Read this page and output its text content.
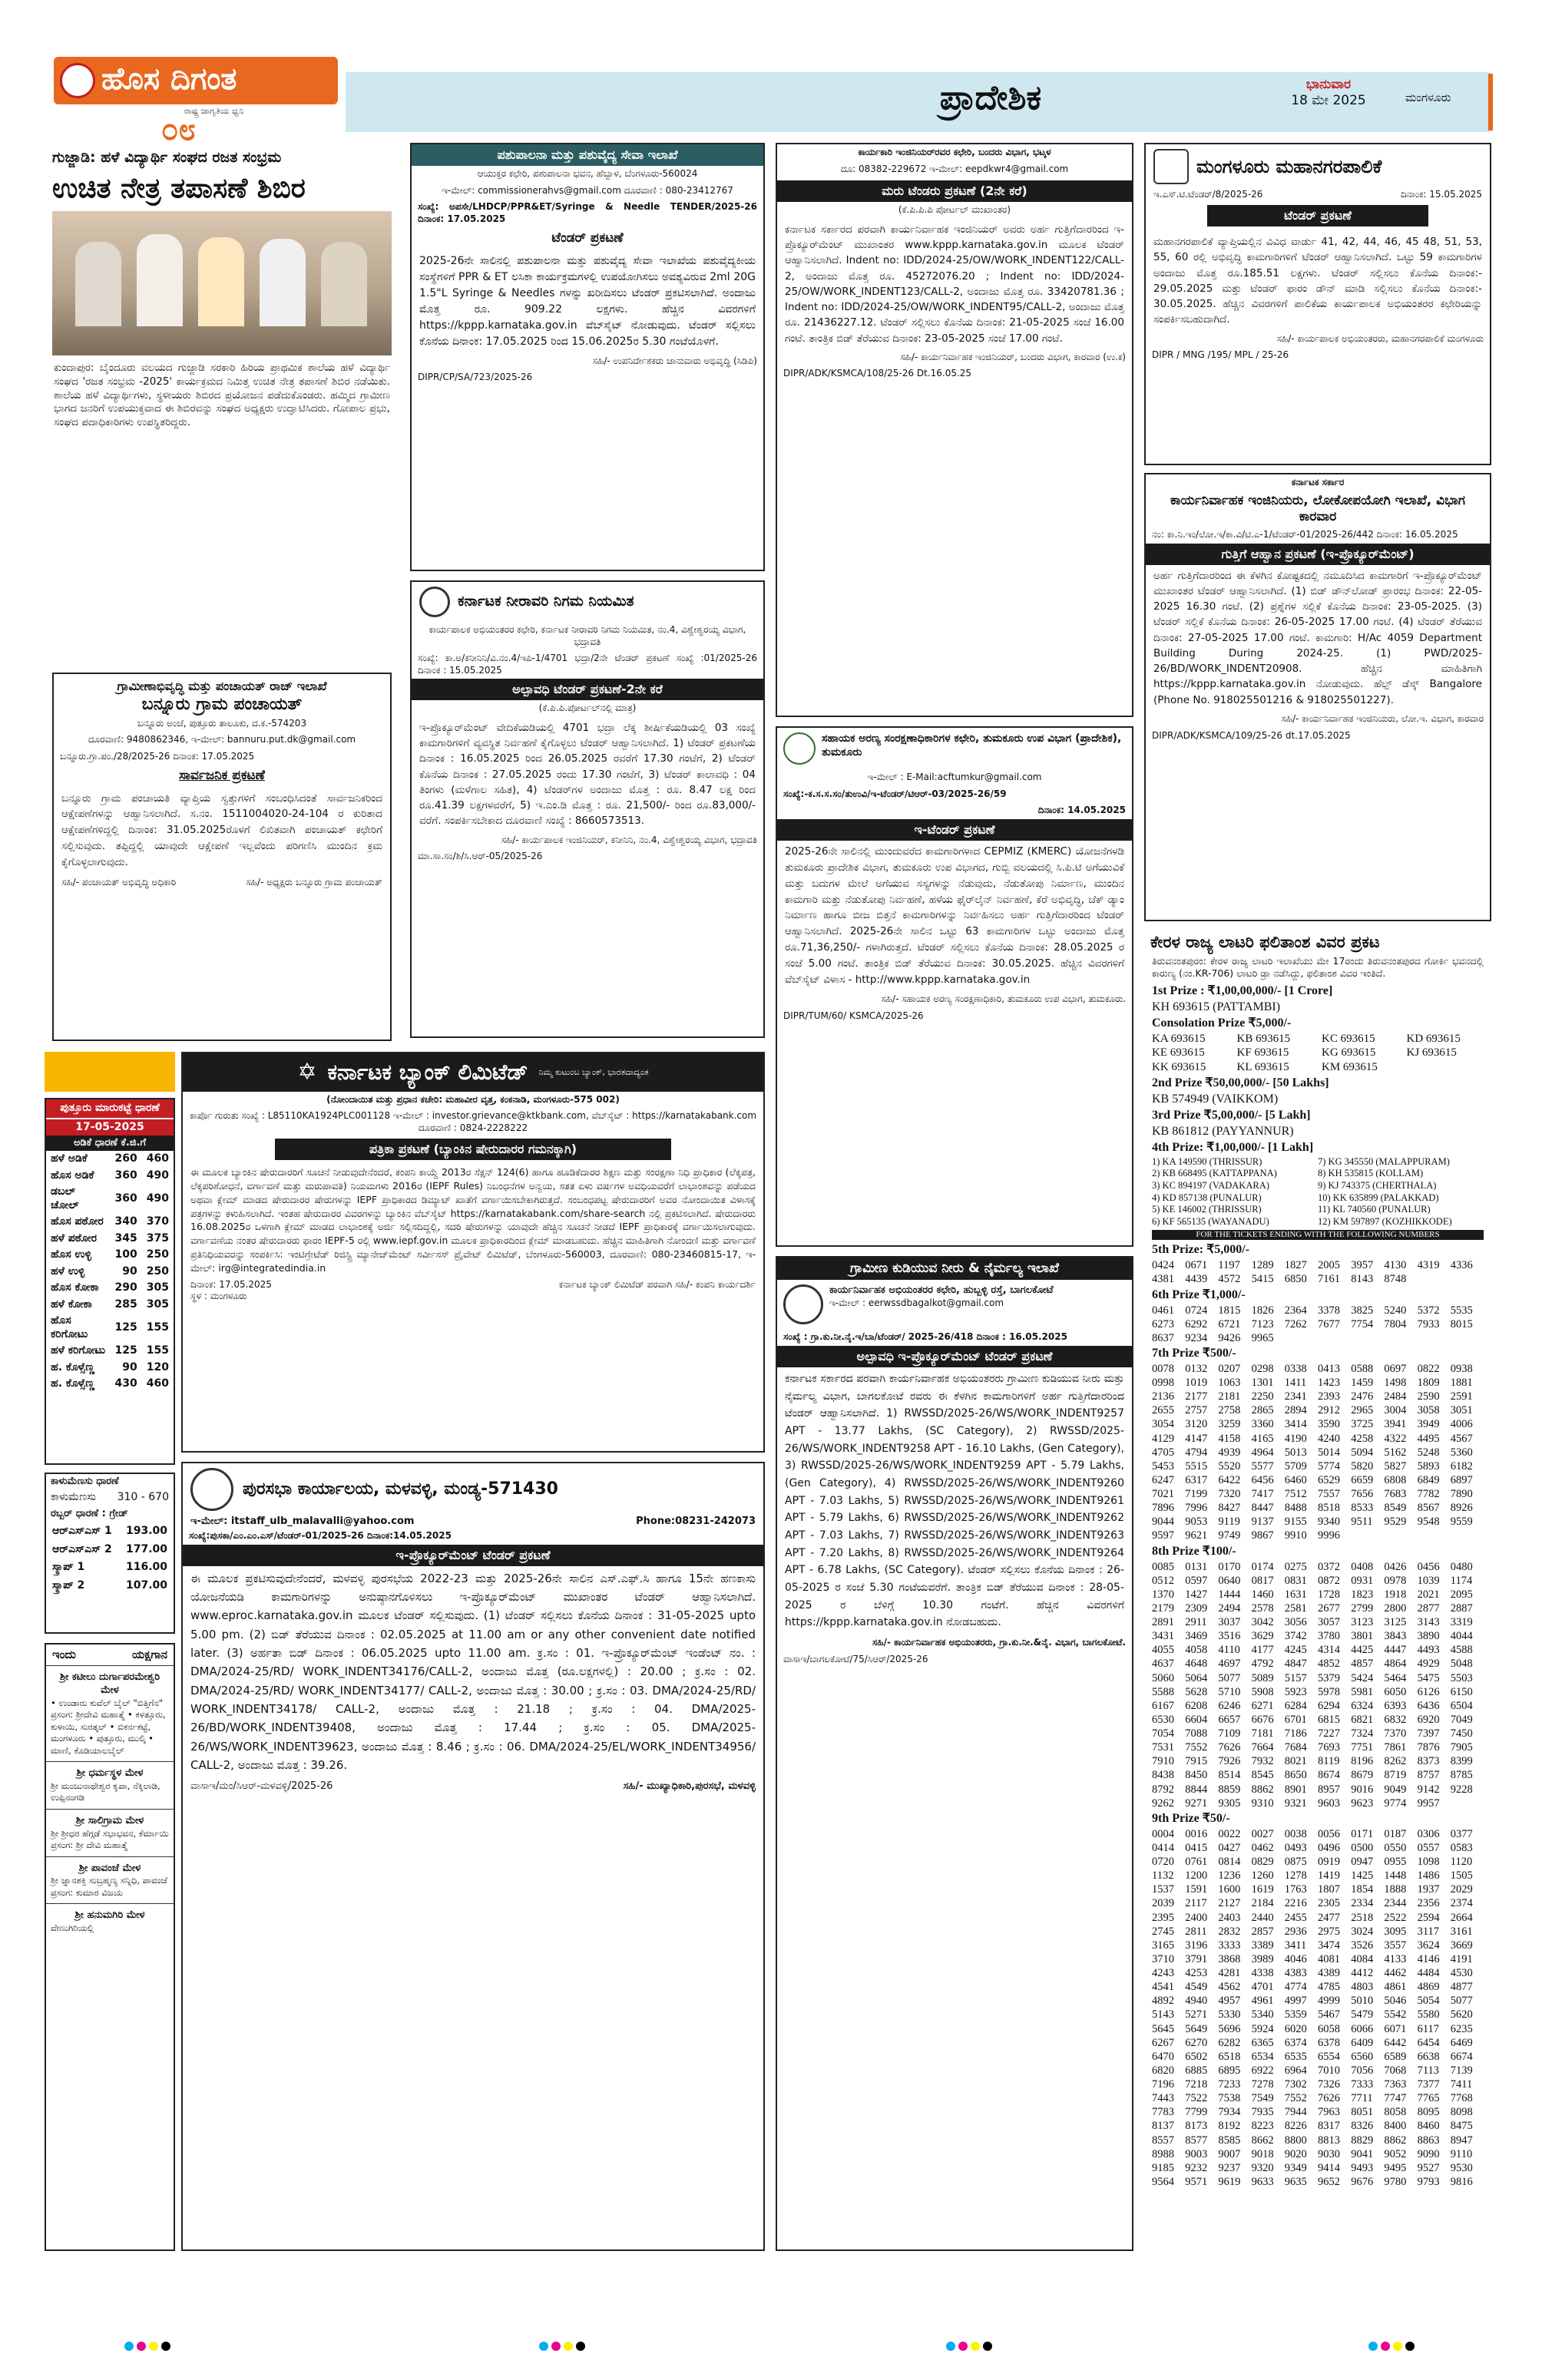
ಹೊಸ ದಿಗಂತ
ರಾಷ್ಟ್ರ ಜಾಗೃತಿಯ ಧ್ವನಿ
೦೮
ಪ್ರಾದೇಶಿಕ	ಭಾನುವಾರ
18 ಮೇ 2025	ಮಂಗಳೂರು
ಗುಜ್ಜಾಡಿ: ಹಳೆ ವಿದ್ಯಾರ್ಥಿ ಸಂಘದ ರಜತ ಸಂಭ್ರಮ
ಉಚಿತ ನೇತ್ರ ತಪಾಸಣೆ ಶಿಬಿರ
ಕುಂದಾಪುರ: ಬೈಂದೂರು ವಲಯದ ಗುಜ್ಜಾಡಿ ಸರಕಾರಿ ಹಿರಿಯ ಪ್ರಾಥಮಿಕ ಶಾಲೆಯ ಹಳೆ ವಿದ್ಯಾರ್ಥಿ ಸಂಘದ 'ರಜತ ಸಂಭ್ರಮ -2025' ಕಾರ್ಯಕ್ರಮದ ನಿಮಿತ್ತ ಉಚಿತ ನೇತ್ರ ತಪಾಸಣೆ ಶಿಬಿರ ನಡೆಯಿತು. ಶಾಲೆಯ ಹಳೆ ವಿದ್ಯಾರ್ಥಿಗಳು, ಸ್ಥಳೀಯರು ಶಿಬಿರದ ಪ್ರಯೋಜನ ಪಡೆದುಕೊಂಡರು. ಹಮ್ಮಿದ ಗ್ರಾಮೀಣ ಭಾಗದ ಜನರಿಗೆ ಉಪಯುಕ್ತವಾದ ಈ ಶಿಬಿರವನ್ನು ಸಂಘದ ಅಧ್ಯಕ್ಷರು ಉದ್ಘಾಟಿಸಿದರು. ಗೋಪಾಲ ಪ್ರಭು, ಸಂಘದ ಪದಾಧಿಕಾರಿಗಳು ಉಪಸ್ಥಿತರಿದ್ದರು.
ಪಶುಪಾಲನಾ ಮತ್ತು ಪಶುವೈದ್ಯ ಸೇವಾ ಇಲಾಖೆ
ಆಯುಕ್ತರ ಕಛೇರಿ, ಪಶುಪಾಲನಾ ಭವನ, ಹೆಬ್ಬಾಳ, ಬೆಂಗಳೂರು-560024
ಇ-ಮೇಲ್: commissionerahvs@gmail.com ದೂರವಾಣಿ : 080-23412767
ಸಂಖ್ಯೆ: ಅಪಸೇ/LHDCP/PPR&ET/Syringe & Needle TENDER/2025-26 ದಿನಾಂಕ: 17.05.2025
ಟೆಂಡರ್ ಪ್ರಕಟಣೆ
2025-26ನೇ ಸಾಲಿನಲ್ಲಿ ಪಶುಪಾಲನಾ ಮತ್ತು ಪಶುವೈದ್ಯ ಸೇವಾ ಇಲಾಖೆಯ ಪಶುವೈದ್ಯಕೀಯ ಸಂಸ್ಥೆಗಳಿಗೆ PPR & ET ಲಸಿಕಾ ಕಾರ್ಯಕ್ರಮಗಳಲ್ಲಿ ಉಪಯೋಗಿಸಲು ಅವಶ್ಯವಿರುವ 2ml 20G 1.5"L Syringe & Needles ಗಳನ್ನು ಖರೀದಿಸಲು ಟೆಂಡರ್ ಪ್ರಕಟಿಸಲಾಗಿದೆ. ಅಂದಾಜು ಮೊತ್ತ ರೂ. 909.22 ಲಕ್ಷಗಳು. ಹೆಚ್ಚಿನ ವಿವರಗಳಿಗೆ https://kppp.karnataka.gov.in ವೆಬ್‌ಸೈಟ್ ನೋಡುವುದು. ಟೆಂಡರ್ ಸಲ್ಲಿಸಲು ಕೊನೆಯ ದಿನಾಂಕ: 17.05.2025 ರಿಂದ 15.06.2025ರ 5.30 ಗಂಟೆಯೊಳಗೆ.
ಸಹಿ/- ಉಪನಿರ್ದೇಶಕರು ಜಾನುವಾರು ಅಭಿವೃದ್ಧಿ (ಸಿಡಿಪಿ)
DIPR/CP/SA/723/2025-26
ಕಾರ್ಯಕಾರಿ ಇಂಜಿನಿಯರ್‌ರವರ ಕಛೇರಿ, ಬಂದರು ವಿಭಾಗ, ಭಟ್ಕಳ
ದೂ: 08382-229672 ಇ-ಮೇಲ್: eepdkwr4@gmail.com
ಮರು ಟೆಂಡರು ಪ್ರಕಟಣೆ (2ನೇ ಕರೆ)
(ಕೆ.ಪಿ.ಪಿ.ಪಿ ಪೋರ್ಟಲ್ ಮುಖಾಂತರ)
ಕರ್ನಾಟಕ ಸರ್ಕಾರದ ಪರವಾಗಿ ಕಾರ್ಯನಿರ್ವಾಹಕ ಇಂಜಿನಿಯರ್ ಅವರು ಅರ್ಹ ಗುತ್ತಿಗೆದಾರರಿಂದ ಇ-ಪ್ರೊಕ್ಯೂರ್‌ಮೆಂಟ್ ಮುಖಾಂತರ www.kppp.karnataka.gov.in ಮೂಲಕ ಟೆಂಡರ್ ಆಹ್ವಾನಿಸಲಾಗಿದೆ. Indent no: IDD/2024-25/OW/WORK_INDENT122/CALL-2, ಅಂದಾಜು ಮೊತ್ತ ರೂ. 45272076.20 ; Indent no: IDD/2024-25/OW/WORK_INDENT123/CALL-2, ಅಂದಾಜು ಮೊತ್ತ ರೂ. 33420781.36 ; Indent no: IDD/2024-25/OW/WORK_INDENT95/CALL-2, ಅಂದಾಜು ಮೊತ್ತ ರೂ. 21436227.12. ಟೆಂಡರ್ ಸಲ್ಲಿಸಲು ಕೊನೆಯ ದಿನಾಂಕ: 21-05-2025 ಸಂಜೆ 16.00 ಗಂಟೆ. ತಾಂತ್ರಿಕ ಬಿಡ್ ತೆರೆಯುವ ದಿನಾಂಕ: 23-05-2025 ಸಂಜೆ 17.00 ಗಂಟೆ.
ಸಹಿ/- ಕಾರ್ಯನಿರ್ವಾಹಕ ಇಂಜಿನಿಯರ್, ಬಂದರು ವಿಭಾಗ, ಕಾರವಾರ (ಉ.ಕ)
DIPR/ADK/KSMCA/108/25-26 Dt.16.05.25
ಮಂಗಳೂರು ಮಹಾನಗರಪಾಲಿಕೆ
ಇ.ಎಸ್.ಟಿ.ಟೆಂಡರ್/8/2025-26	ದಿನಾಂಕ: 15.05.2025
ಟೆಂಡರ್ ಪ್ರಕಟಣೆ
ಮಹಾನಗರಪಾಲಿಕೆ ವ್ಯಾಪ್ತಿಯಲ್ಲಿನ ವಿವಿಧ ವಾರ್ಡು 41, 42, 44, 46, 45 48, 51, 53, 55, 60 ರಲ್ಲಿ ಅಭಿವೃದ್ಧಿ ಕಾಮಗಾರಿಗಳಿಗೆ ಟೆಂಡರ್ ಆಹ್ವಾನಿಸಲಾಗಿದೆ. ಒಟ್ಟು 59 ಕಾಮಗಾರಿಗಳ ಅಂದಾಜು ಮೊತ್ತ ರೂ.185.51 ಲಕ್ಷಗಳು. ಟೆಂಡರ್ ಸಲ್ಲಿಸಲು ಕೊನೆಯ ದಿನಾಂಕ:- 29.05.2025 ಮತ್ತು ಟೆಂಡರ್ ಫಾರಂ ಡೌನ್ ಮಾಡಿ ಸಲ್ಲಿಸಲು ಕೊನೆಯ ದಿನಾಂಕ:- 30.05.2025. ಹೆಚ್ಚಿನ ವಿವರಗಳಿಗೆ ಪಾಲಿಕೆಯ ಕಾರ್ಯಪಾಲಕ ಅಭಿಯಂತರರ ಕಛೇರಿಯನ್ನು ಸಂಪರ್ಕಿಸಬಹುದಾಗಿದೆ.
ಸಹಿ/- ಕಾರ್ಯಪಾಲಕ ಅಭಿಯಂತರರು, ಮಹಾನಗರಪಾಲಿಕೆ ಮಂಗಳೂರು
DIPR / MNG /195/ MPL / 25-26
ಕರ್ನಾಟಕ ಸರ್ಕಾರ
ಕಾರ್ಯನಿರ್ವಾಹಕ ಇಂಜಿನಿಯರು, ಲೋಕೋಪಯೋಗಿ ಇಲಾಖೆ, ವಿಭಾಗ ಕಾರವಾರ
ನಂ: ಕಾ.ನಿ.ಇಂ/ಲೋ.ಇ/ಕಾ.ವಿ/ಟಿ.ಎ-1/ಟೆಂಡರ್-01/2025-26/442 ದಿನಾಂಕ: 16.05.2025
ಗುತ್ತಿಗೆ ಆಹ್ವಾನ ಪ್ರಕಟಣೆ (ಇ-ಪ್ರೊಕ್ಯೂರ್‌ಮೆಂಟ್)
ಅರ್ಹ ಗುತ್ತಿಗೆದಾರರಿಂದ ಈ ಕೆಳಗಿನ ಕೋಷ್ಟಕದಲ್ಲಿ ನಮೂದಿಸಿದ ಕಾಮಗಾರಿಗೆ ಇ-ಪ್ರೊಕ್ಯೂರ್‌ಮೆಂಟ್ ಮುಖಾಂತರ ಟೆಂಡರ್ ಆಹ್ವಾನಿಸಲಾಗಿದೆ. (1) ಬಿಡ್ ಡೌನ್‌ಲೋಡ್ ಪ್ರಾರಂಭ ದಿನಾಂಕ: 22-05-2025 16.30 ಗಂಟೆ. (2) ಪ್ರಶ್ನೆಗಳ ಸಲ್ಲಿಕೆ ಕೊನೆಯ ದಿನಾಂಕ: 23-05-2025. (3) ಟೆಂಡರ್ ಸಲ್ಲಿಕೆ ಕೊನೆಯ ದಿನಾಂಕ: 26-05-2025 17.00 ಗಂಟೆ. (4) ಟೆಂಡರ್ ತೆರೆಯುವ ದಿನಾಂಕ: 27-05-2025 17.00 ಗಂಟೆ. ಕಾಮಗಾರಿ: H/Ac 4059 Department Building During 2024-25. (1) PWD/2025-26/BD/WORK_INDENT20908. ಹೆಚ್ಚಿನ ಮಾಹಿತಿಗಾಗಿ https://kppp.karnataka.gov.in ನೋಡುವುದು. ಹೆಲ್ಪ್ ಡೆಸ್ಕ್ Bangalore (Phone No. 918025501216 & 918025501227).
ಸಹಿ/- ಕಾರ್ಯನಿರ್ವಾಹಕ ಇಂಜಿನಿಯರು, ಲೋ.ಇ. ವಿಭಾಗ, ಕಾರವಾರ
DIPR/ADK/KSMCA/109/25-26 dt.17.05.2025
ಕರ್ನಾಟಕ ನೀರಾವರಿ ನಿಗಮ ನಿಯಮಿತ
ಕಾರ್ಯಪಾಲಕ ಅಭಿಯಂತರರ ಕಛೇರಿ, ಕರ್ನಾಟಕ ನೀರಾವರಿ ನಿಗಮ ನಿಯಮಿತ, ನಂ.4, ವಿಶ್ವೇಶ್ವರಯ್ಯ ವಿಭಾಗ, ಭದ್ರಾವತಿ
ಸಂಖ್ಯೆ: ಕಾ.ಅ/ಕನೀನಿನಿ/ವಿ.ನಂ.4/ಇಪಿ-1/4701 ಭದ್ರಾ/2ನೇ ಟೆಂಡರ್ ಪ್ರಕಟಣೆ ಸಂಖ್ಯೆ :01/2025-26 ದಿನಾಂಕ : 15.05.2025
ಅಲ್ಪಾವಧಿ ಟೆಂಡರ್ ಪ್ರಕಟಣೆ-2ನೇ ಕರೆ
(ಕೆ.ಪಿ.ಪಿ.ಪೋರ್ಟಲ್‌ನಲ್ಲಿ ಮಾತ್ರ)
ಇ-ಪ್ರೊಕ್ಯೂರ್‌ಮೆಂಟ್ ವೇದಿಕೆಯಡಿಯಲ್ಲಿ 4701 ಭದ್ರಾ ಲೆಕ್ಕ ಶೀರ್ಷಿಕೆಯಡಿಯಲ್ಲಿ 03 ಸಂಖ್ಯೆ ಕಾಮಗಾರಿಗಳಿಗೆ ವ್ಯವಸ್ಥಿತ ನಿರ್ವಹಣೆ ಕೈಗೊಳ್ಳಲು ಟೆಂಡರ್ ಆಹ್ವಾನಿಸಲಾಗಿದೆ. 1) ಟೆಂಡರ್ ಪ್ರಕಟಣೆಯ ದಿನಾಂಕ : 16.05.2025 ರಿಂದ 26.05.2025 ರವರೆಗೆ 17.30 ಗಂಟೆಗೆ, 2) ಟೆಂಡರ್ ಕೊನೆಯ ದಿನಾಂಕ : 27.05.2025 ರಂದು 17.30 ಗಂಟೆಗೆ, 3) ಟೆಂಡರ್ ಕಾಲಾವಧಿ : 04 ತಿಂಗಳು (ಮಳೆಗಾಲ ಸಹಿತ), 4) ಟೆಂಡರ್‌ಗಳ ಅಂದಾಜು ಮೊತ್ತ : ರೂ. 8.47 ಲಕ್ಷ ರಿಂದ ರೂ.41.39 ಲಕ್ಷಗಳವರೆಗೆ, 5) ಇ.ಎಂ.ಡಿ ಮೊತ್ತ : ರೂ. 21,500/- ರಿಂದ ರೂ.83,000/- ವರೆಗೆ. ಸಂಪರ್ಕಿಸಬೇಕಾದ ದೂರವಾಣಿ ಸಂಖ್ಯೆ : 8660573513.
ಸಹಿ/- ಕಾರ್ಯಪಾಲಕ ಇಂಜಿನಿಯರ್, ಕನೀನಿನಿ, ನಂ.4, ವಿಶ್ವೇಶ್ವರಯ್ಯ ವಿಭಾಗ, ಭದ್ರಾವತಿ
ಮಾ.ಸಾ.ಸಂ/ಶಿ/ಸಿ.ಆರ್-05/2025-26
ಗ್ರಾಮೀಣಾಭಿವೃದ್ಧಿ ಮತ್ತು ಪಂಚಾಯತ್ ರಾಜ್ ಇಲಾಖೆ
ಬನ್ನೂರು ಗ್ರಾಮ ಪಂಚಾಯತ್
ಬನ್ನೂರು ಅಂಚೆ, ಪುತ್ತೂರು ತಾಲೂಕು, ದ.ಕ.-574203
ದೂರವಾಣಿ: 9480862346, ಇ-ಮೇಲ್: bannuru.put.dk@gmail.com
ಬನ್ನೂರು.ಗ್ರಾ.ಪಂ./28/2025-26 ದಿನಾಂಕ: 17.05.2025
ಸಾರ್ವಜನಿಕ ಪ್ರಕಟಣೆ
ಬನ್ನೂರು ಗ್ರಾಮ ಪಂಚಾಯತಿ ವ್ಯಾಪ್ತಿಯ ಸ್ವತ್ತುಗಳಿಗೆ ಸಂಬಂಧಿಸಿದಂತೆ ಸಾರ್ವಜನಿಕರಿಂದ ಆಕ್ಷೇಪಣೆಗಳನ್ನು ಆಹ್ವಾನಿಸಲಾಗಿದೆ. ಸ.ನಂ. 1511004020-24-104 ರ ಕುರಿತಾದ ಆಕ್ಷೇಪಣೆಗಳಿದ್ದಲ್ಲಿ ದಿನಾಂಕ: 31.05.2025ರೊಳಗೆ ಲಿಖಿತವಾಗಿ ಪಂಚಾಯತ್ ಕಛೇರಿಗೆ ಸಲ್ಲಿಸುವುದು. ತಪ್ಪಿದ್ದಲ್ಲಿ ಯಾವುದೇ ಆಕ್ಷೇಪಣೆ ಇಲ್ಲವೆಂದು ಪರಿಗಣಿಸಿ ಮುಂದಿನ ಕ್ರಮ ಕೈಗೊಳ್ಳಲಾಗುವುದು.
ಸಹಿ/- ಪಂಚಾಯತ್ ಅಭಿವೃದ್ಧಿ ಅಧಿಕಾರಿ	ಸಹಿ/- ಅಧ್ಯಕ್ಷರು ಬನ್ನೂರು ಗ್ರಾಮ ಪಂಚಾಯತ್
ಸಹಾಯಕ ಅರಣ್ಯ ಸಂರಕ್ಷಣಾಧಿಕಾರಿಗಳ ಕಛೇರಿ, ತುಮಕೂರು ಉಪ ವಿಭಾಗ (ಪ್ರಾದೇಶಿಕ), ತುಮಕೂರು
ಇ-ಮೇಲ್ : E-Mail:acftumkur@gmail.com
ಸಂಖ್ಯೆ:-ಕ.ಸ.ಸ.ಸಂ/ತುಉವಿ/ಇ-ಟೆಂಡರ್/ಟಿಆರ್-03/2025-26/59
ದಿನಾಂಕ: 14.05.2025
ಇ-ಟೆಂಡರ್ ಪ್ರಕಟಣೆ
2025-26ನೇ ಸಾಲಿನಲ್ಲಿ ಮುಂದುವರೆದ ಕಾಮಗಾರಿಗಳಾದ CEPMIZ (KMERC) ಯೋಜನೆಗಳಡಿ ತುಮಕೂರು ಪ್ರಾದೇಶಿಕ ವಿಭಾಗ, ತುಮಕೂರು ಉಪ ವಿಭಾಗದ, ಗುಬ್ಬಿ ವಲಯದಲ್ಲಿ ಸಿ.ಪಿ.ಟಿ ಅಗೆಯುವಿಕೆ ಮತ್ತು ಬದುಗಳ ಮೇಲೆ ಅಗೆಯುವ ಸಸ್ಯಗಳನ್ನು ನೆಡುವುದು, ನೆಡುತೋಪು ನಿರ್ಮಾಣ, ಮುಂದಿನ ಕಾಮಗಾರಿ ಮತ್ತು ನೆಡುತೋಪು ನಿರ್ವಹಣೆ, ಹಳೆಯ ಫೈರ್‌ಲೈನ್ ನಿರ್ವಹಣೆ, ಕೆರೆ ಅಭಿವೃದ್ಧಿ, ಚೆಕ್ ಡ್ಯಾಂ ನಿರ್ಮಾಣ ಹಾಗೂ ಬೀಜ ಬಿತ್ತನೆ ಕಾಮಗಾರಿಗಳನ್ನು ನಿರ್ವಹಿಸಲು ಅರ್ಹ ಗುತ್ತಿಗೆದಾರರಿಂದ ಟೆಂಡರ್ ಆಹ್ವಾನಿಸಲಾಗಿದೆ. 2025-26ನೇ ಸಾಲಿನ ಒಟ್ಟು 63 ಕಾಮಗಾರಿಗಳ ಒಟ್ಟು ಅಂದಾಜು ಮೊತ್ತ ರೂ.71,36,250/- ಗಳಾಗಿರುತ್ತದೆ. ಟೆಂಡರ್ ಸಲ್ಲಿಸಲು ಕೊನೆಯ ದಿನಾಂಕ: 28.05.2025 ರ ಸಂಜೆ 5.00 ಗಂಟೆ. ತಾಂತ್ರಿಕ ಬಿಡ್ ತೆರೆಯುವ ದಿನಾಂಕ: 30.05.2025. ಹೆಚ್ಚಿನ ವಿವರಗಳಿಗೆ ವೆಬ್‌ಸೈಟ್ ವಿಳಾಸ - http://www.kppp.karnataka.gov.in
ಸಹಿ/- ಸಹಾಯಕ ಅರಣ್ಯ ಸಂರಕ್ಷಣಾಧಿಕಾರಿ, ತುಮಕೂರು ಉಪ ವಿಭಾಗ, ತುಮಕೂರು.
DIPR/TUM/60/ KSMCA/2025-26
✡ ಕರ್ನಾಟಕ ಬ್ಯಾಂಕ್ ಲಿಮಿಟೆಡ್ ನಿಮ್ಮ ಕುಟುಂಬ ಬ್ಯಾಂಕ್, ಭಾರತದಾದ್ಯಂತ
(ನೋಂದಾಯಿತ ಮತ್ತು ಪ್ರಧಾನ ಕಚೇರಿ: ಮಹಾವೀರ ವೃತ್ತ, ಕಂಕನಾಡಿ, ಮಂಗಳೂರು-575 002)
ಕಾರ್ಪೊ ಗುರುತು ಸಂಖ್ಯೆ : L85110KA1924PLC001128 ಇ-ಮೇಲ್ : investor.grievance@ktkbank.com, ವೆಬ್‌ಸೈಟ್ : https://karnatakabank.com ದೂರವಾಣಿ : 0824-2228222
ಪತ್ರಿಕಾ ಪ್ರಕಟಣೆ (ಬ್ಯಾಂಕಿನ ಷೇರುದಾರರ ಗಮನಕ್ಕಾಗಿ)
ಈ ಮೂಲಕ ಬ್ಯಾಂಕಿನ ಷೇರುದಾರರಿಗೆ ಸೂಚನೆ ನೀಡುವುದೇನೆಂದರೆ, ಕಂಪನಿ ಕಾಯ್ದೆ 2013ರ ಸೆಕ್ಷನ್ 124(6) ಹಾಗೂ ಹೂಡಿಕೆದಾರರ ಶಿಕ್ಷಣ ಮತ್ತು ಸಂರಕ್ಷಣಾ ನಿಧಿ ಪ್ರಾಧಿಕಾರ (ಲೆಕ್ಕಪತ್ರ, ಲೆಕ್ಕಪರಿಶೋಧನೆ, ವರ್ಗಾವಣೆ ಮತ್ತು ಮರುಪಾವತಿ) ನಿಯಮಗಳು 2016ರ (IEPF Rules) ನಿಬಂಧನೆಗಳ ಅನ್ವಯ, ಸತತ ಏಳು ವರ್ಷಗಳ ಅವಧಿಯವರೆಗೆ ಲಾಭಾಂಶವನ್ನು ಪಡೆಯದ ಅಥವಾ ಕ್ಲೇಮ್ ಮಾಡದ ಷೇರುದಾರರ ಷೇರುಗಳನ್ನು IEPF ಪ್ರಾಧಿಕಾರದ ಡಿಮ್ಯಾಟ್ ಖಾತೆಗೆ ವರ್ಗಾಯಿಸಬೇಕಾಗಿರುತ್ತದೆ. ಸಂಬಂಧಪಟ್ಟ ಷೇರುದಾರರಿಗೆ ಅವರ ನೋಂದಾಯಿತ ವಿಳಾಸಕ್ಕೆ ಪತ್ರಗಳನ್ನು ಕಳುಹಿಸಲಾಗಿದೆ. ಇಂತಹ ಷೇರುದಾರರ ವಿವರಗಳನ್ನು ಬ್ಯಾಂಕಿನ ವೆಬ್‌ಸೈಟ್ https://karnatakabank.com/share-search ನಲ್ಲಿ ಪ್ರಕಟಿಸಲಾಗಿದೆ. ಷೇರುದಾರರು 16.08.2025ರ ಒಳಗಾಗಿ ಕ್ಲೇಮ್ ಮಾಡದ ಲಾಭಾಂಶಕ್ಕೆ ಅರ್ಜಿ ಸಲ್ಲಿಸದಿದ್ದಲ್ಲಿ, ಸದರಿ ಷೇರುಗಳನ್ನು ಯಾವುದೇ ಹೆಚ್ಚಿನ ಸೂಚನೆ ನೀಡದೆ IEPF ಪ್ರಾಧಿಕಾರಕ್ಕೆ ವರ್ಗಾಯಿಸಲಾಗುವುದು. ವರ್ಗಾವಣೆಯ ನಂತರ ಷೇರುದಾರರು ಫಾರಂ IEPF-5 ರಲ್ಲಿ www.iepf.gov.in ಮೂಲಕ ಪ್ರಾಧಿಕಾರದಿಂದ ಕ್ಲೇಮ್ ಮಾಡಬಹುದು. ಹೆಚ್ಚಿನ ಮಾಹಿತಿಗಾಗಿ ನೋಂದಣಿ ಮತ್ತು ವರ್ಗಾವಣೆ ಪ್ರತಿನಿಧಿಯವರನ್ನು ಸಂಪರ್ಕಿಸಿ: ಇಂಟಿಗ್ರೇಟೆಡ್ ರಿಜಿಸ್ಟ್ರಿ ಮ್ಯಾನೇಜ್‌ಮೆಂಟ್ ಸರ್ವೀಸಸ್ ಪ್ರೈವೇಟ್ ಲಿಮಿಟೆಡ್, ಬೆಂಗಳೂರು-560003, ದೂರವಾಣಿ: 080-23460815-17, ಇ-ಮೇಲ್: irg@integratedindia.in
ದಿನಾಂಕ: 17.05.2025
ಸ್ಥಳ : ಮಂಗಳೂರು
ಕರ್ನಾಟಕ ಬ್ಯಾಂಕ್ ಲಿಮಿಟೆಡ್ ಪರವಾಗಿ ಸಹಿ/- ಕಂಪನಿ ಕಾರ್ಯದರ್ಶಿ
ಪುತ್ತೂರು ಮಾರುಕಟ್ಟೆ ಧಾರಣೆ
17-05-2025
ಅಡಿಕೆ ಧಾರಣೆ ಕೆ.ಜಿ.ಗೆ
ಹಳೆ ಅಡಿಕೆ	260	460
ಹೊಸ ಅಡಿಕೆ	360	490
ಡಬಲ್ ಚೋಲ್	360	490
ಹೊಸ ಪಠೋರ	340	370
ಹಳೆ ಪಠೋರ	345	375
ಹೊಸ ಉಳ್ಳಿ	100	250
ಹಳೆ ಉಳ್ಳಿ	90	250
ಹೊಸ ಕೋಕಾ	290	305
ಹಳೆ ಕೋಕಾ	285	305
ಹೊಸ ಕರಿಗೋಟು	125	155
ಹಳೆ ಕರಿಗೋಟು	125	155
ಹ. ಕೊಳ್ಸೆಣ್ಣ	90	120
ಹ. ಕೊಳ್ಸೆಣ್ಣ	430	460
ಕಾಳುಮೆಣಸು ಧಾರಣೆ
ಕಾಳುಮೆಣಸು 310 - 670
ರಬ್ಬರ್ ಧಾರಣೆ : ಗ್ರೇಡ್
ಆರ್‌ಎಸ್‌ಎಸ್ 1	193.00
ಆರ್‌ಎಸ್‌ಎಸ್ 2	177.00
ಸ್ಕ್ರಾಪ್ 1	116.00
ಸ್ಕ್ರಾಪ್ 2	107.00
ಇಂದು	ಯಕ್ಷಗಾನ
ಶ್ರೀ ಕಟೀಲು ದುರ್ಗಾಪರಮೇಶ್ವರಿ ಮೇಳ
• ಉಂಡಾರು ಕುವೆಲ್ ಬೈಲ್ "ಬಿತ್ತಿಗೆನ" ಪ್ರಸಂಗ: ಶ್ರೀದೇವಿ ಮಹಾತ್ಮೆ • ಕಳತ್ತೂರು, ಕುಳಾಯಿ, ಸುರತ್ಕಲ್ • ಬಿಕರ್ನಕಟ್ಟೆ, ಮಂಗಳೂರು • ಪುತ್ತೂರು, ಮುಲ್ಕಿ • ಮಾಣಿ, ಕೊಡಿಯಾಲಬೈಲ್
ಶ್ರೀ ಧರ್ಮಸ್ಥಳ ಮೇಳ
ಶ್ರೀ ಮಂಜುನಾಥೇಶ್ವರ ಕೃಪಾ, ನೆಕ್ಕಿಲಾಡಿ, ಉಪ್ಪಿನಂಗಡಿ
ಶ್ರೀ ಸಾಲಿಗ್ರಾಮ ಮೇಳ
ಶ್ರೀ ಶ್ರೀಧರ ಹೆಗ್ಗಡೆ ಸಭಾಭವನ, ಕೆರ್ಮಾಯಿ ಪ್ರಸಂಗ: ಶ್ರೀ ದೇವಿ ಮಹಾತ್ಮೆ
ಶ್ರೀ ಪಾವಂಜೆ ಮೇಳ
ಶ್ರೀ ಜ್ಞಾನಶಕ್ತಿ ಸುಬ್ರಹ್ಮಣ್ಯ ಸನ್ನಿಧಿ, ಪಾವಂಜೆ ಪ್ರಸಂಗ: ಕುಮಾರ ವಿಜಯ
ಶ್ರೀ ಹನುಮಗಿರಿ ಮೇಳ
ವೇಣುಗಿರಿಯಲ್ಲಿ
ಪುರಸಭಾ ಕಾರ್ಯಾಲಯ, ಮಳವಳ್ಳಿ, ಮಂಡ್ಯ-571430
ಇ-ಮೇಲ್: itstaff_ulb_malavalli@yahoo.com	Phone:08231-242073
ಸಂಖ್ಯೆ:ಪುಸಕಾ/ಎಂ.ಎಂ.ಎಸ್/ಟೆಂಡರ್-01/2025-26 ದಿನಾಂಕ:14.05.2025
ಇ-ಪ್ರೊಕ್ಯೂರ್‌ಮೆಂಟ್ ಟೆಂಡರ್ ಪ್ರಕಟಣೆ
ಈ ಮೂಲಕ ಪ್ರಕಟಿಸುವುದೇನೆಂದರೆ, ಮಳವಳ್ಳಿ ಪುರಸಭೆಯ 2022-23 ಮತ್ತು 2025-26ನೇ ಸಾಲಿನ ಎಸ್.ಎಫ್.ಸಿ ಹಾಗೂ 15ನೇ ಹಣಕಾಸು ಯೋಜನೆಯಡಿ ಕಾಮಗಾರಿಗಳನ್ನು ಅನುಷ್ಠಾನಗೊಳಿಸಲು ಇ-ಪ್ರೊಕ್ಯೂರ್‌ಮೆಂಟ್ ಮುಖಾಂತರ ಟೆಂಡರ್ ಆಹ್ವಾನಿಸಲಾಗಿದೆ. www.eproc.karnataka.gov.in ಮೂಲಕ ಟೆಂಡರ್ ಸಲ್ಲಿಸುವುದು. (1) ಟೆಂಡರ್ ಸಲ್ಲಿಸಲು ಕೊನೆಯ ದಿನಾಂಕ : 31-05-2025 upto 5.00 pm. (2) ಬಿಡ್ ತೆರೆಯುವ ದಿನಾಂಕ : 02.05.2025 at 11.00 am or any other convenient date notified later. (3) ಅರ್ಹತಾ ಬಿಡ್ ದಿನಾಂಕ : 06.05.2025 upto 11.00 am. ಕ್ರ.ಸಂ : 01. ಇ-ಪ್ರೊಕ್ಯೂರ್‌ಮೆಂಟ್ ಇಂಡೆಂಟ್ ನಂ. : DMA/2024-25/RD/ WORK_INDENT34176/CALL-2, ಅಂದಾಜು ಮೊತ್ತ (ರೂ.ಲಕ್ಷಗಳಲ್ಲಿ) : 20.00 ; ಕ್ರ.ಸಂ : 02. DMA/2024-25/RD/ WORK_INDENT34177/ CALL-2, ಅಂದಾಜು ಮೊತ್ತ : 30.00 ; ಕ್ರ.ಸಂ : 03. DMA/2024-25/RD/ WORK_INDENT34178/ CALL-2, ಅಂದಾಜು ಮೊತ್ತ : 21.18 ; ಕ್ರ.ಸಂ : 04. DMA/2025-26/BD/WORK_INDENT39408, ಅಂದಾಜು ಮೊತ್ತ : 17.44 ; ಕ್ರ.ಸಂ : 05. DMA/2025-26/WS/WORK_INDENT39623, ಅಂದಾಜು ಮೊತ್ತ : 8.46 ; ಕ್ರ.ಸಂ : 06. DMA/2024-25/EL/WORK_INDENT34956/ CALL-2, ಅಂದಾಜು ಮೊತ್ತ : 39.26.
ವಾಸಾಇ/ಮಂ/ಸಿಆರ್-ಮಳವಳ್ಳಿ/2025-26	ಸಹಿ/- ಮುಖ್ಯಾಧಿಕಾರಿ,ಪುರಸಭೆ, ಮಳವಳ್ಳಿ
ಗ್ರಾಮೀಣ ಕುಡಿಯುವ ನೀರು & ನೈರ್ಮಲ್ಯ ಇಲಾಖೆ
ಕಾರ್ಯನಿರ್ವಾಹಕ ಅಭಿಯಂತರರ ಕಛೇರಿ, ಹುಬ್ಬಳ್ಳಿ ರಸ್ತೆ, ಬಾಗಲಕೋಟೆ
ಇ-ಮೇಲ್ : eerwssdbagalkot@gmail.com
ಸಂಖ್ಯೆ : ಗ್ರಾ.ಕು.ನೀ.ನೈ.ಇ/ಬಾ/ಟೆಂಡರ್/ 2025-26/418 ದಿನಾಂಕ : 16.05.2025
ಅಲ್ಪಾವಧಿ ಇ-ಪ್ರೊಕ್ಯೂರ್‌ಮೆಂಟ್ ಟೆಂಡರ್ ಪ್ರಕಟಣೆ
ಕರ್ನಾಟಕ ಸರ್ಕಾರದ ಪರವಾಗಿ ಕಾರ್ಯನಿರ್ವಾಹಕ ಅಭಿಯಂತರರು ಗ್ರಾಮೀಣ ಕುಡಿಯುವ ನೀರು ಮತ್ತು ನೈರ್ಮಲ್ಯ ವಿಭಾಗ, ಬಾಗಲಕೋಟೆ ರವರು ಈ ಕೆಳಗಿನ ಕಾಮಗಾರಿಗಳಿಗೆ ಅರ್ಹ ಗುತ್ತಿಗೆದಾರರಿಂದ ಟೆಂಡರ್ ಆಹ್ವಾನಿಸಲಾಗಿದೆ. 1) RWSSD/2025-26/WS/WORK_INDENT9257 APT - 13.77 Lakhs, (SC Category), 2) RWSSD/2025-26/WS/WORK_INDENT9258 APT - 16.10 Lakhs, (Gen Category), 3) RWSSD/2025-26/WS/WORK_INDENT9259 APT - 5.79 Lakhs, (Gen Category), 4) RWSSD/2025-26/WS/WORK_INDENT9260 APT - 7.03 Lakhs, 5) RWSSD/2025-26/WS/WORK_INDENT9261 APT - 5.79 Lakhs, 6) RWSSD/2025-26/WS/WORK_INDENT9262 APT - 7.03 Lakhs, 7) RWSSD/2025-26/WS/WORK_INDENT9263 APT - 7.20 Lakhs, 8) RWSSD/2025-26/WS/WORK_INDENT9264 APT - 6.78 Lakhs, (SC Category). ಟೆಂಡರ್ ಸಲ್ಲಿಸಲು ಕೊನೆಯ ದಿನಾಂಕ : 26-05-2025 ರ ಸಂಜೆ 5.30 ಗಂಟೆಯವರೆಗೆ. ತಾಂತ್ರಿಕ ಬಿಡ್ ತೆರೆಯುವ ದಿನಾಂಕ : 28-05-2025 ರ ಬೆಳಿಗ್ಗೆ 10.30 ಗಂಟೆಗೆ. ಹೆಚ್ಚಿನ ವಿವರಗಳಿಗೆ https://kppp.karnataka.gov.in ನೋಡಬಹುದು.
ಸಹಿ/- ಕಾರ್ಯನಿರ್ವಾಹಕ ಅಭಿಯಂತರರು, ಗ್ರಾ.ಕು.ನೀ.&ನೈ. ವಿಭಾಗ, ಬಾಗಲಕೋಟೆ.
ವಾಸಾಇ/ಬಾಗಲಕೋಟೆ/75/ಸಿಆರ್/2025-26
ಕೇರಳ ರಾಜ್ಯ ಲಾಟರಿ ಫಲಿತಾಂಶ ವಿವರ ಪ್ರಕಟ
ತಿರುವನಂತಪುರಂ: ಕೇರಳ ರಾಜ್ಯ ಲಾಟರಿ ಇಲಾಖೆಯು ಮೇ 17ರಂದು ತಿರುವನಂತಪುರದ ಗೋರ್ಕಿ ಭವನದಲ್ಲಿ ಕಾರುಣ್ಯ (ನಂ.KR-706) ಲಾಟರಿ ಡ್ರಾ ನಡೆಸಿದ್ದು, ಫಲಿತಾಂಶ ವಿವರ ಇಂತಿದೆ.
1st Prize : ₹1,00,00,000/- [1 Crore]
KH 693615 (PATTAMBI)
Consolation Prize ₹5,000/-
KA 693615	KB 693615	KC 693615	KD 693615
KE 693615	KF 693615	KG 693615	KJ 693615
KK 693615	KL 693615	KM 693615
2nd Prize ₹50,00,000/- [50 Lakhs]
KB 574949 (VAIKKOM)
3rd Prize ₹5,00,000/- [5 Lakh]
KB 861812 (PAYYANNUR)
4th Prize: ₹1,00,000/- [1 Lakh]
1) KA 149590 (THRISSUR)	7) KG 345550 (MALAPPURAM)
2) KB 668495 (KATTAPPANA)	8) KH 535815 (KOLLAM)
3) KC 894197 (VADAKARA)	9) KJ 743375 (CHERTHALA)
4) KD 857138 (PUNALUR)	10) KK 635899 (PALAKKAD)
5) KE 146002 (THRISSUR)	11) KL 740560 (PUNALUR)
6) KF 565135 (WAYANADU)	12) KM 597897 (KOZHIKKODE)
FOR THE TICKETS ENDING WITH THE FOLLOWING NUMBERS
5th Prize: ₹5,000/-
0424 0671 1197	1289 1827 2005 3957 4130 4319 4336
4381 4439 4572 5415 6850 7161 8143 8748
6th Prize ₹1,000/-
0461 0724 1815 1826 2364 3378 3825 5240 5372 5535
6273 6292 6721 7123 7262 7677 7754 7804 7933 8015
8637 9234 9426 9965
7th Prize ₹500/-
0078 0132 0207 0298 0338 0413 0588 0697 0822 0938
0998 1019 1063 1301 1411	1423 1459 1498 1809 1881
2136 2177 2181 2250 2341 2393 2476 2484 2590 2591
2655 2757 2758 2865 2894 2912 2965 3004 3058 3051
3054 3120 3259 3360 3414 3590 3725 3941 3949 4006
4129 4147 4158 4165 4190 4240 4258 4322 4495 4567
4705 4794 4939 4964 5013 5014 5094 5162 5248 5360
5453 5515 5520 5577 5709 5774 5820 5827 5893 6182
6247 6317 6422 6456 6460 6529 6659 6808 6849 6897
7021 7199 7320 7417 7512 7557 7656 7683 7782 7890
7896 7996 8427 8447 8488 8518 8533 8549 8567 8926
9044 9053 9119	9137 9155 9340 9511	9529 9548 9559
9597 9621 9749 9867 9910 9996
8th Prize ₹100/-
0085 0131 0170 0174 0275 0372 0408 0426 0456 0480
0512 0597 0640 0817 0831 0872 0931 0978 1039 1174
1370 1427 1444 1460 1631 1728 1823 1918 2021 2095
2179 2309 2494 2578 2581 2677 2799 2800 2877 2887
2891 2911	3037 3042 3056 3057 3123 3125 3143 3319
3431 3469 3516 3629 3742 3780 3801 3843 3890 4044
4055 4058 4110	4177 4245 4314 4425 4447 4493 4588
4637 4648 4697 4792 4847 4852 4857 4864 4929 5048
5060 5064 5077 5089 5157 5379 5424 5464 5475 5503
5588 5628 5710 5908 5923 5978 5981 6050 6126 6150
6167 6208 6246 6271 6284 6294 6324 6393 6436 6504
6530 6604 6657 6676 6701 6815 6821 6832 6920 7049
7054 7088 7109 7181 7186 7227 7324 7370 7397 7450
7531 7552 7626 7664 7684 7693 7751 7861 7876 7905
7910 7915 7926 7932 8021 8119	8196 8262 8373 8399
8438 8450 8514 8545 8650 8674 8679 8719 8757 8785
8792 8844 8859 8862 8901 8957 9016 9049 9142 9228
9262 9271 9305 9310 9321 9603 9623 9774 9957
9th Prize ₹50/-
0004 0016 0022 0027 0038 0056 0171 0187 0306 0377
0414 0415 0427 0462 0493 0496 0500 0550 0557 0583
0720 0761 0814 0829 0875 0919 0947 0955 1098 1120
1132	1200 1236 1260 1278 1419 1425 1448 1486 1505
1537 1591 1600 1619 1763 1807 1854 1888 1937 2029
2039 2117	2127 2184 2216 2305 2334 2344 2356 2374
2395 2400 2403 2440 2455 2477 2518 2522 2594 2664
2745 2811	2832 2857 2936 2975 3024 3095 3117	3161
3165 3196 3333 3389 3411	3474 3526 3557 3624 3669
3710 3791 3868 3989 4046 4081 4084 4133 4146 4191
4243 4253 4281 4338 4383 4389 4412 4462 4484 4530
4541 4549 4562 4701 4774 4785 4803 4861 4869 4877
4892 4940 4957 4961 4997 4999 5010 5046 5054 5077
5143 5271 5330 5340 5359 5467 5479 5542 5580 5620
5645 5649 5696 5924 6020 6058 6066 6071 6117	6235
6267 6270 6282 6365 6374 6378 6409 6442 6454 6469
6470 6502 6518 6534 6535 6554 6560 6589 6638 6674
6820 6885 6895 6922 6964 7010 7056 7068 7113	7139
7196 7218 7233 7278 7302 7326 7333 7363 7377 7411
7443 7522 7538 7549 7552 7626 7711	7747 7765 7768
7783 7799 7934 7935 7944 7963 8051 8058 8095 8098
8137 8173 8192 8223 8226 8317 8326 8400 8460 8475
8557 8577 8585 8662 8800 8813 8829 8862 8863 8947
8988 9003 9007 9018 9020 9030 9041 9052 9090 9110
9185 9232 9237 9320 9349 9414 9493 9495 9527 9530
9564 9571 9619 9633 9635 9652 9676 9780 9793 9816
